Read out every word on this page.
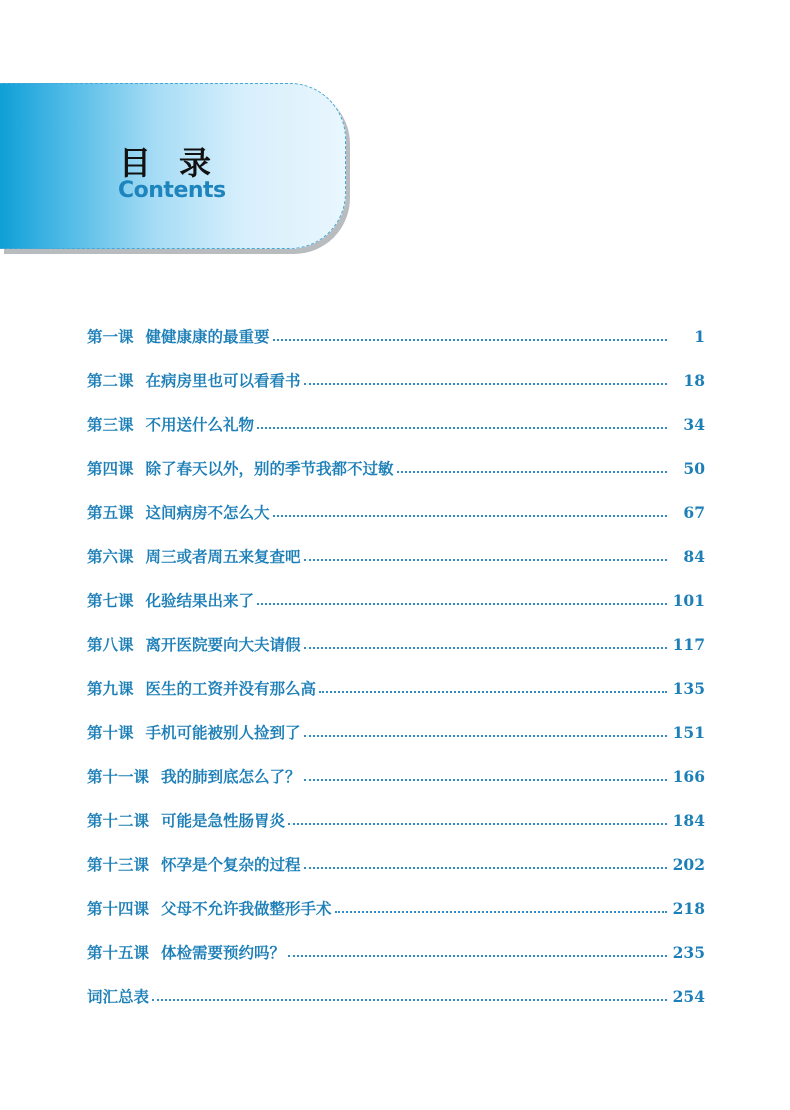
目录
Contents
第一课 健健康康的最重要	1
第二课 在病房里也可以看看书	18
第三课 不用送什么礼物	34
第四课 除了春天以外，别的季节我都不过敏	50
第五课 这间病房不怎么大	67
第六课 周三或者周五来复查吧	84
第七课 化验结果出来了	101
第八课 离开医院要向大夫请假	117
第九课 医生的工资并没有那么高	135
第十课 手机可能被别人捡到了	151
第十一课 我的肺到底怎么了？	166
第十二课 可能是急性肠胃炎	184
第十三课 怀孕是个复杂的过程	202
第十四课 父母不允许我做整形手术	218
第十五课 体检需要预约吗？	235
词汇总表	254
